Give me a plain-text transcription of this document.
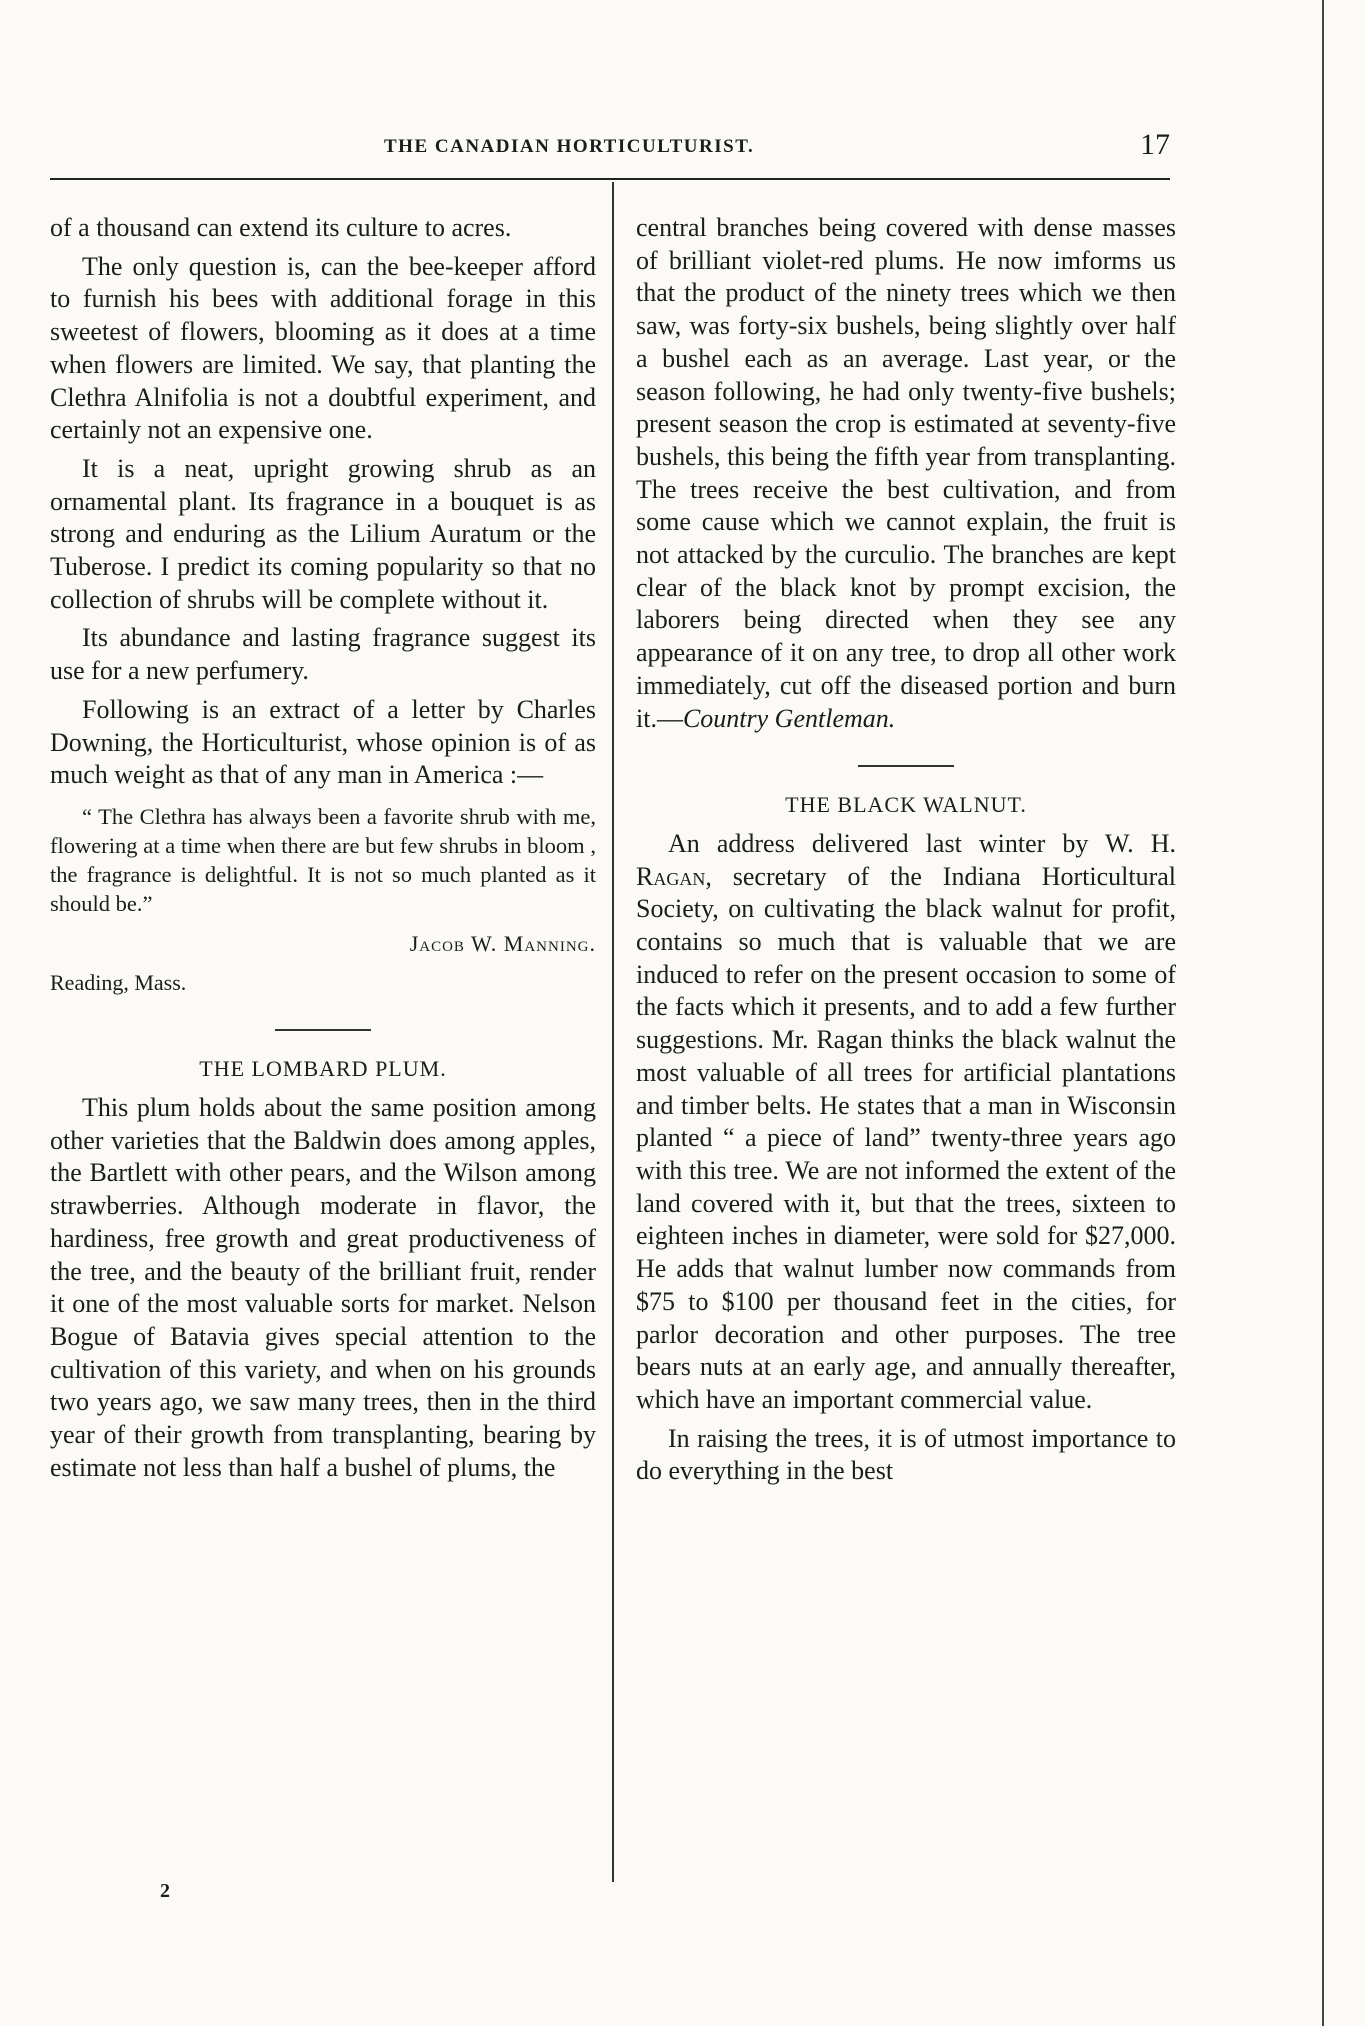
THE CANADIAN HORTICULTURIST.	17

of a thousand can extend its culture to acres.

The only question is, can the bee-keeper afford to furnish his bees with additional forage in this sweetest of flowers, blooming as it does at a time when flowers are limited. We say, that planting the Clethra Alnifolia is not a doubtful experiment, and certainly not an expensive one.

It is a neat, upright growing shrub as an ornamental plant. Its fragrance in a bouquet is as strong and enduring as the Lilium Auratum or the Tuberose. I predict its coming popularity so that no collection of shrubs will be complete without it.

Its abundance and lasting fragrance suggest its use for a new perfumery.

Following is an extract of a letter by Charles Downing, the Horticulturist, whose opinion is of as much weight as that of any man in America :—

“ The Clethra has always been a favorite shrub with me, flowering at a time when there are but few shrubs in bloom , the fragrance is delightful. It is not so much planted as it should be.”

Jacob W. Manning.

Reading, Mass.

THE LOMBARD PLUM.

This plum holds about the same position among other varieties that the Baldwin does among apples, the Bartlett with other pears, and the Wilson among strawberries. Although moderate in flavor, the hardiness, free growth and great productiveness of the tree, and the beauty of the brilliant fruit, render it one of the most valuable sorts for market. Nelson Bogue of Batavia gives special attention to the cultivation of this variety, and when on his grounds two years ago, we saw many trees, then in the third year of their growth from transplanting, bearing by estimate not less than half a bushel of plums, the

central branches being covered with dense masses of brilliant violet-red plums. He now imforms us that the product of the ninety trees which we then saw, was forty-six bushels, being slightly over half a bushel each as an average. Last year, or the season following, he had only twenty-five bushels; present season the crop is estimated at seventy-five bushels, this being the fifth year from transplanting. The trees receive the best cultivation, and from some cause which we cannot explain, the fruit is not attacked by the curculio. The branches are kept clear of the black knot by prompt excision, the laborers being directed when they see any appearance of it on any tree, to drop all other work immediately, cut off the diseased portion and burn it.—Country Gentleman.

THE BLACK WALNUT.

An address delivered last winter by W. H. Ragan, secretary of the Indiana Horticultural Society, on cultivating the black walnut for profit, contains so much that is valuable that we are induced to refer on the present occasion to some of the facts which it presents, and to add a few further suggestions. Mr. Ragan thinks the black walnut the most valuable of all trees for artificial plantations and timber belts. He states that a man in Wisconsin planted “ a piece of land” twenty-three years ago with this tree. We are not informed the extent of the land covered with it, but that the trees, sixteen to eighteen inches in diameter, were sold for $27,000. He adds that walnut lumber now commands from $75 to $100 per thousand feet in the cities, for parlor decoration and other purposes. The tree bears nuts at an early age, and annually thereafter, which have an important commercial value.

In raising the trees, it is of utmost importance to do everything in the best

2
